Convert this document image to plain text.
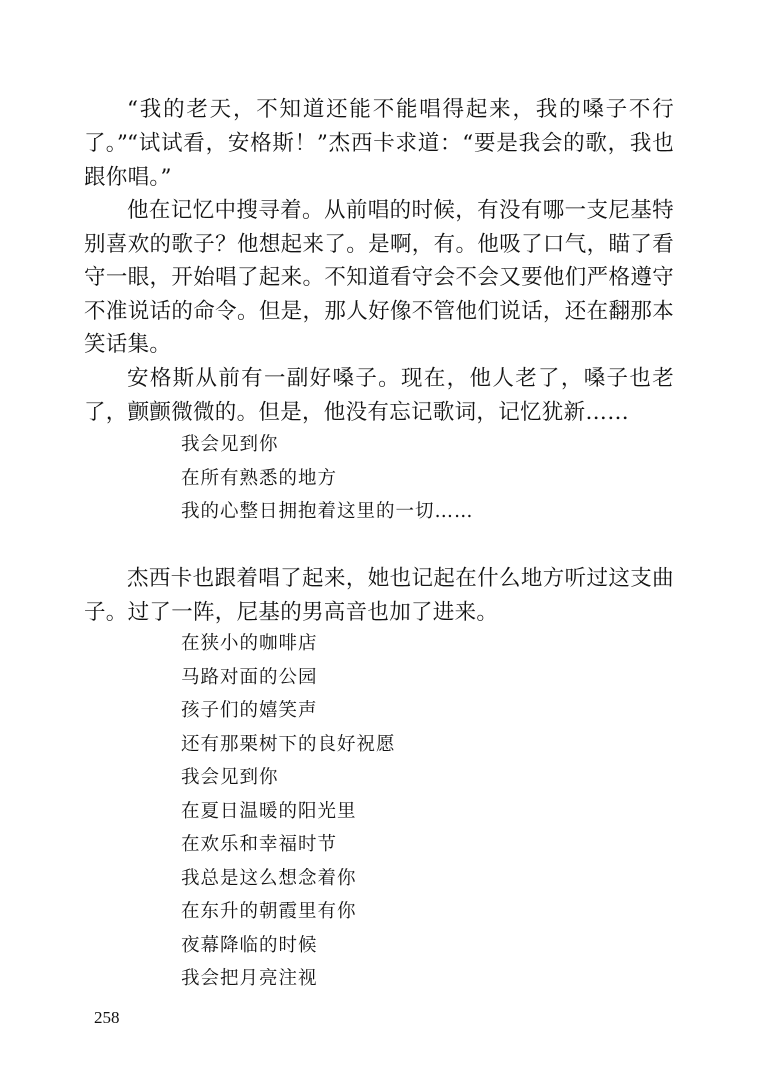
“我的老天，不知道还能不能唱得起来，我的嗓子不行了。”

“试试看，安格斯！”杰西卡求道：“要是我会的歌，我也跟你唱。”

他在记忆中搜寻着。从前唱的时候，有没有哪一支尼基特别喜欢的歌子？他想起来了。是啊，有。他吸了口气，瞄了看守一眼，开始唱了起来。不知道看守会不会又要他们严格遵守不准说话的命令。但是，那人好像不管他们说话，还在翻那本笑话集。

安格斯从前有一副好嗓子。现在，他人老了，嗓子也老了，颤颤微微的。但是，他没有忘记歌词，记忆犹新……

我会见到你
在所有熟悉的地方
我的心整日拥抱着这里的一切……

杰西卡也跟着唱了起来，她也记起在什么地方听过这支曲子。过了一阵，尼基的男高音也加了进来。

在狭小的咖啡店
马路对面的公园
孩子们的嬉笑声
还有那栗树下的良好祝愿
我会见到你
在夏日温暖的阳光里
在欢乐和幸福时节
我总是这么想念着你
在东升的朝霞里有你
夜幕降临的时候
我会把月亮注视
258
